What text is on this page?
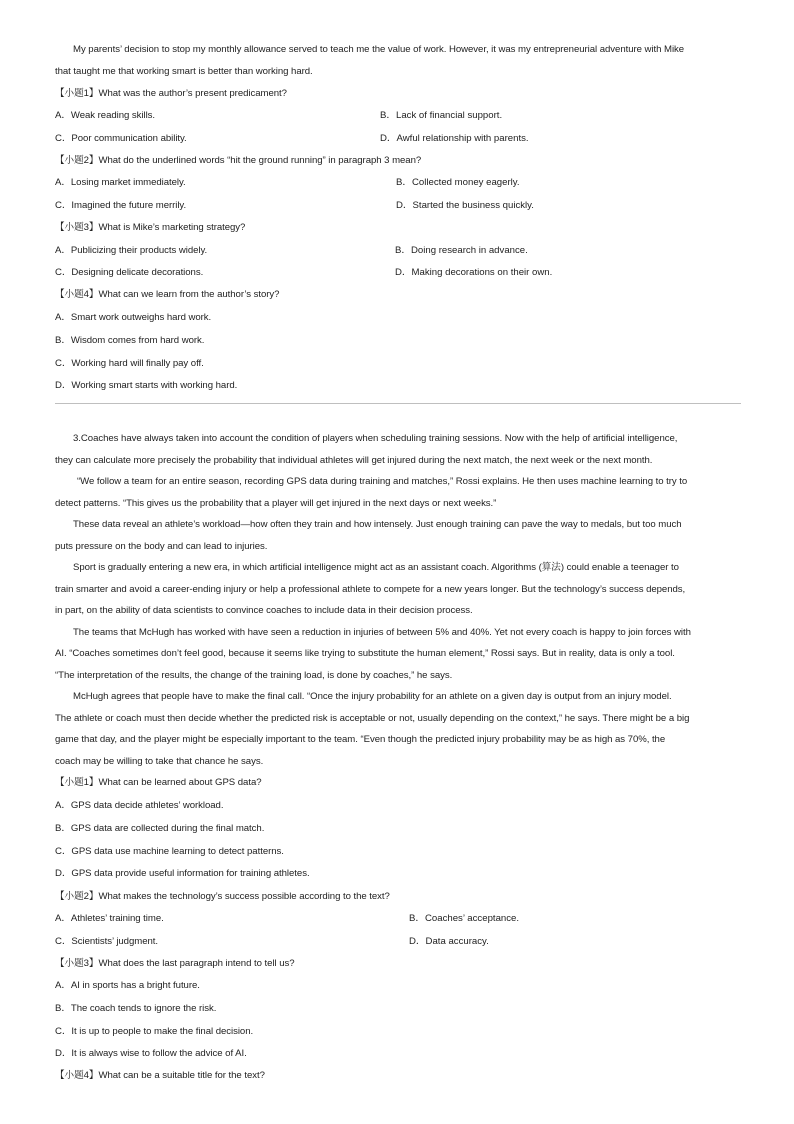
My parents’ decision to stop my monthly allowance served to teach me the value of work. However, it was my entrepreneurial adventure with Mike
that taught me that working smart is better than working hard.
【小题1】What was the author’s present predicament?
A．Weak reading skills.	B．Lack of financial support.
C．Poor communication ability.	D．Awful relationship with parents.
【小题2】What do the underlined words “hit the ground running” in paragraph 3 mean?
A．Losing market immediately.	B．Collected money eagerly.
C．Imagined the future merrily.	D．Started the business quickly.
【小题3】What is Mike’s marketing strategy?
A．Publicizing their products widely.	B．Doing research in advance.
C．Designing delicate decorations.	D．Making decorations on their own.
【小题4】What can we learn from the author’s story?
A．Smart work outweighs hard work.
B．Wisdom comes from hard work.
C．Working hard will finally pay off.
D．Working smart starts with working hard.
3.Coaches have always taken into account the condition of players when scheduling training sessions. Now with the help of artificial intelligence,
they can calculate more precisely the probability that individual athletes will get injured during the next match, the next week or the next month.
“We follow a team for an entire season, recording GPS data during training and matches,” Rossi explains. He then uses machine learning to try to
detect patterns. “This gives us the probability that a player will get injured in the next days or next weeks.”
These data reveal an athlete’s workload—how often they train and how intensely. Just enough training can pave the way to medals, but too much
puts pressure on the body and can lead to injuries.
Sport is gradually entering a new era, in which artificial intelligence might act as an assistant coach. Algorithms (算法) could enable a teenager to
train smarter and avoid a career-ending injury or help a professional athlete to compete for a new years longer. But the technology’s success depends,
in part, on the ability of data scientists to convince coaches to include data in their decision process.
The teams that McHugh has worked with have seen a reduction in injuries of between 5% and 40%. Yet not every coach is happy to join forces with
AI. “Coaches sometimes don’t feel good, because it seems like trying to substitute the human element,” Rossi says. But in reality, data is only a tool.
“The interpretation of the results, the change of the training load, is done by coaches,” he says.
McHugh agrees that people have to make the final call. “Once the injury probability for an athlete on a given day is output from an injury model.
The athlete or coach must then decide whether the predicted risk is acceptable or not, usually depending on the context,” he says. There might be a big
game that day, and the player might be especially important to the team. “Even though the predicted injury probability may be as high as 70%, the
coach may be willing to take that chance he says.
【小题1】What can be learned about GPS data?
A．GPS data decide athletes’ workload.
B．GPS data are collected during the final match.
C．GPS data use machine learning to detect patterns.
D．GPS data provide useful information for training athletes.
【小题2】What makes the technology’s success possible according to the text?
A．Athletes’ training time.	B．Coaches’ acceptance.
C．Scientists’ judgment.	D．Data accuracy.
【小题3】What does the last paragraph intend to tell us?
A．AI in sports has a bright future.
B．The coach tends to ignore the risk.
C．It is up to people to make the final decision.
D．It is always wise to follow the advice of AI.
【小题4】What can be a suitable title for the text?
